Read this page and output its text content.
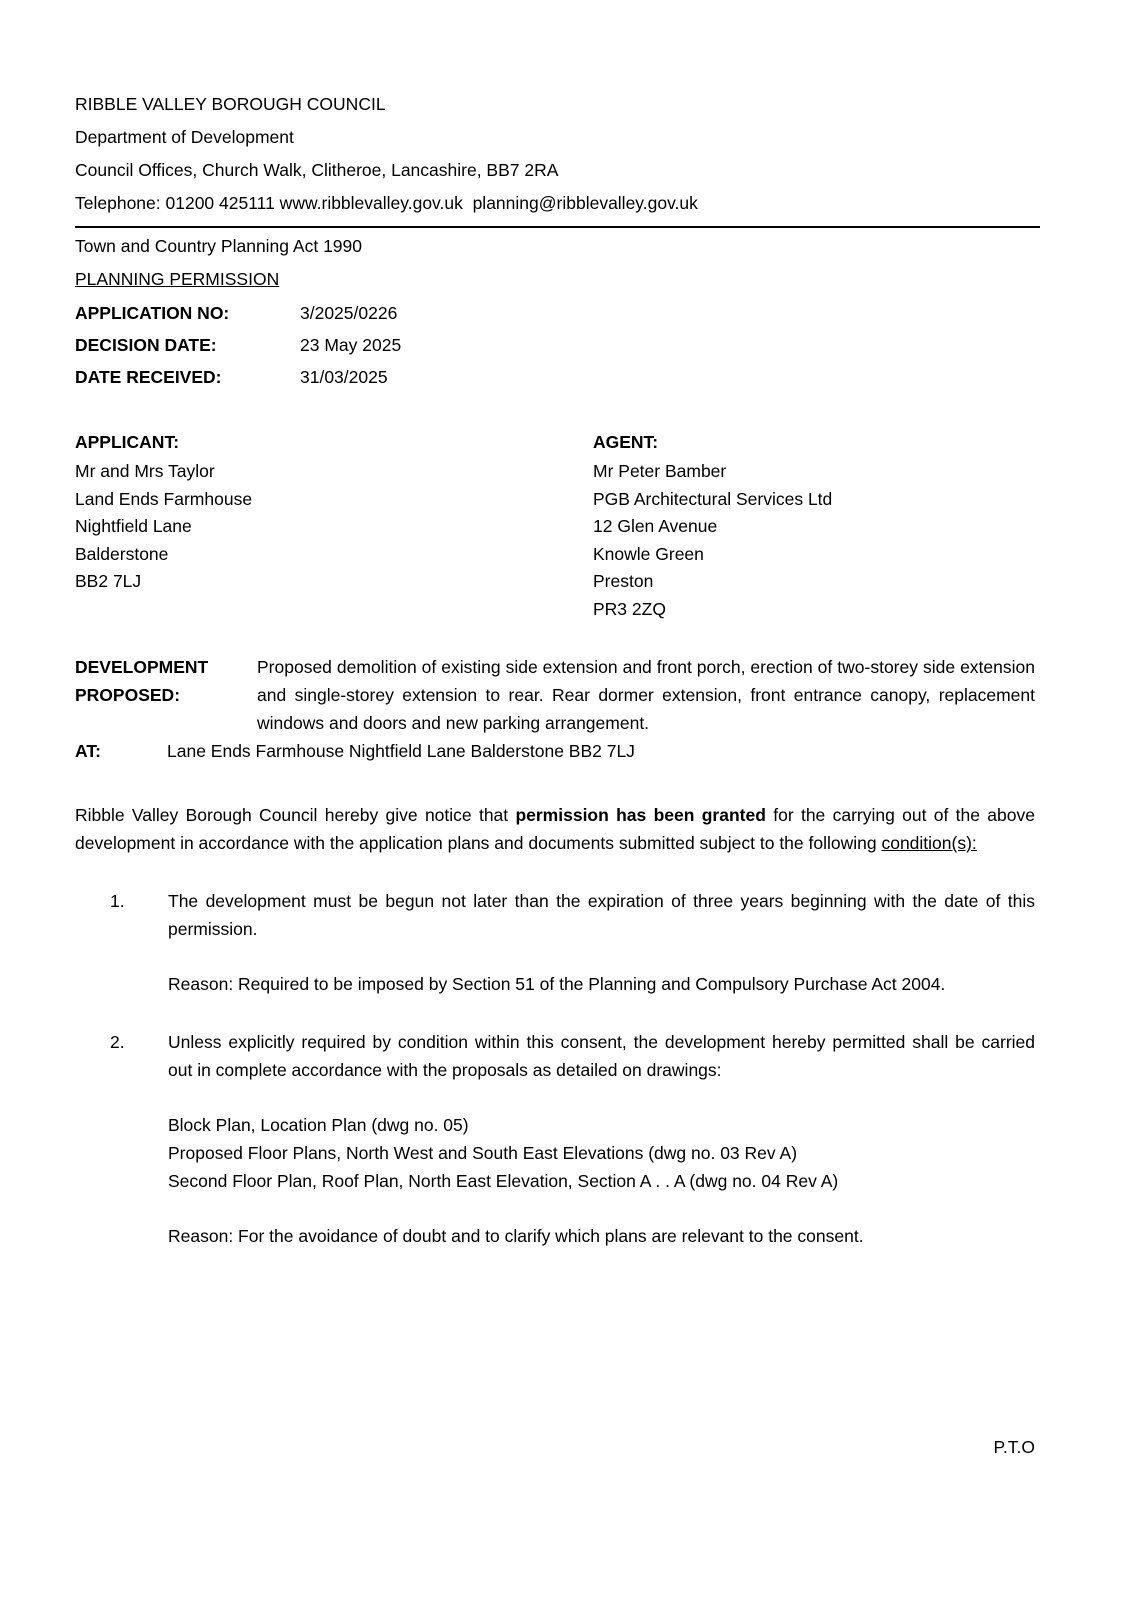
RIBBLE VALLEY BOROUGH COUNCIL
Department of Development
Council Offices, Church Walk, Clitheroe, Lancashire, BB7 2RA
Telephone: 01200 425111 www.ribblevalley.gov.uk  planning@ribblevalley.gov.uk
Town and Country Planning Act 1990
PLANNING PERMISSION
APPLICATION NO:	3/2025/0226
DECISION DATE:	23 May 2025
DATE RECEIVED:	31/03/2025
APPLICANT:
Mr and Mrs Taylor
Land Ends Farmhouse
Nightfield Lane
Balderstone
BB2 7LJ
AGENT:
Mr Peter Bamber
PGB Architectural Services Ltd
12 Glen Avenue
Knowle Green
Preston
PR3 2ZQ
DEVELOPMENT
PROPOSED:
Proposed demolition of existing side extension and front porch, erection of two-storey side extension and single-storey extension to rear. Rear dormer extension, front entrance canopy, replacement windows and doors and new parking arrangement.
AT:	Lane Ends Farmhouse Nightfield Lane Balderstone BB2 7LJ

Ribble Valley Borough Council hereby give notice that permission has been granted for the carrying out of the above development in accordance with the application plans and documents submitted subject to the following condition(s):

1.	The development must be begun not later than the expiration of three years beginning with the date of this permission.

Reason: Required to be imposed by Section 51 of the Planning and Compulsory Purchase Act 2004.

2.	Unless explicitly required by condition within this consent, the development hereby permitted shall be carried out in complete accordance with the proposals as detailed on drawings:

Block Plan, Location Plan (dwg no. 05)
Proposed Floor Plans, North West and South East Elevations (dwg no. 03 Rev A)
Second Floor Plan, Roof Plan, North East Elevation, Section A . . A (dwg no. 04 Rev A)

Reason: For the avoidance of doubt and to clarify which plans are relevant to the consent.

P.T.O
